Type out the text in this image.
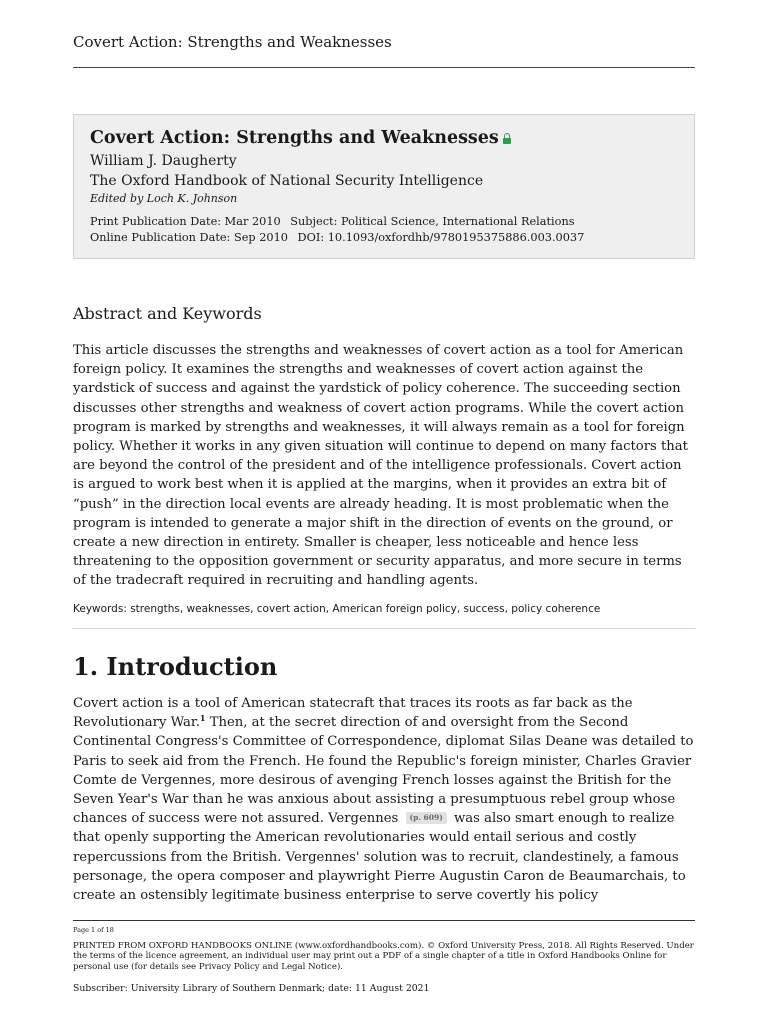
Covert Action: Strengths and Weaknesses
Covert Action: Strengths and Weaknesses
William J. Daugherty
The Oxford Handbook of National Security Intelligence
Edited by Loch K. Johnson
Print Publication Date: Mar 2010 Subject: Political Science, International Relations
Online Publication Date: Sep 2010 DOI: 10.1093/oxfordhb/9780195375886.003.0037
Abstract and Keywords

This article discusses the strengths and weaknesses of covert action as a tool for American foreign policy. It examines the strengths and weaknesses of covert action against the yardstick of success and against the yardstick of policy coherence. The succeeding section discusses other strengths and weakness of covert action programs. While the covert action program is marked by strengths and weaknesses, it will always remain as a tool for foreign policy. Whether it works in any given situation will continue to depend on many factors that are beyond the control of the president and of the intelligence professionals. Covert action is argued to work best when it is applied at the margins, when it provides an extra bit of “push” in the direction local events are already heading. It is most problematic when the program is intended to generate a major shift in the direction of events on the ground, or create a new direction in entirety. Smaller is cheaper, less noticeable and hence less threatening to the opposition government or security apparatus, and more secure in terms of the tradecraft required in recruiting and handling agents.

Keywords: strengths, weaknesses, covert action, American foreign policy, success, policy coherence
1. Introduction

Covert action is a tool of American statecraft that traces its roots as far back as the Revolutionary War.$^1$ Then, at the secret direction of and oversight from the Second Continental Congress's Committee of Correspondence, diplomat Silas Deane was detailed to Paris to seek aid from the French. He found the Republic's foreign minister, Charles Gravier Comte de Vergennes, more desirous of avenging French losses against the British for the Seven Year's War than he was anxious about assisting a presumptuous rebel group whose chances of success were not assured. Vergennes (p. 609) was also smart enough to realize that openly supporting the American revolutionaries would entail serious and costly repercussions from the British. Vergennes' solution was to recruit, clandestinely, a famous personage, the opera composer and playwright Pierre Augustin Caron de Beaumarchais, to create an ostensibly legitimate business enterprise to serve covertly his policy

Page 1 of 18

PRINTED FROM OXFORD HANDBOOKS ONLINE (www.oxfordhandbooks.com). © Oxford University Press, 2018. All Rights Reserved. Under the terms of the licence agreement, an individual user may print out a PDF of a single chapter of a title in Oxford Handbooks Online for personal use (for details see Privacy Policy and Legal Notice).

Subscriber: University Library of Southern Denmark; date: 11 August 2021
